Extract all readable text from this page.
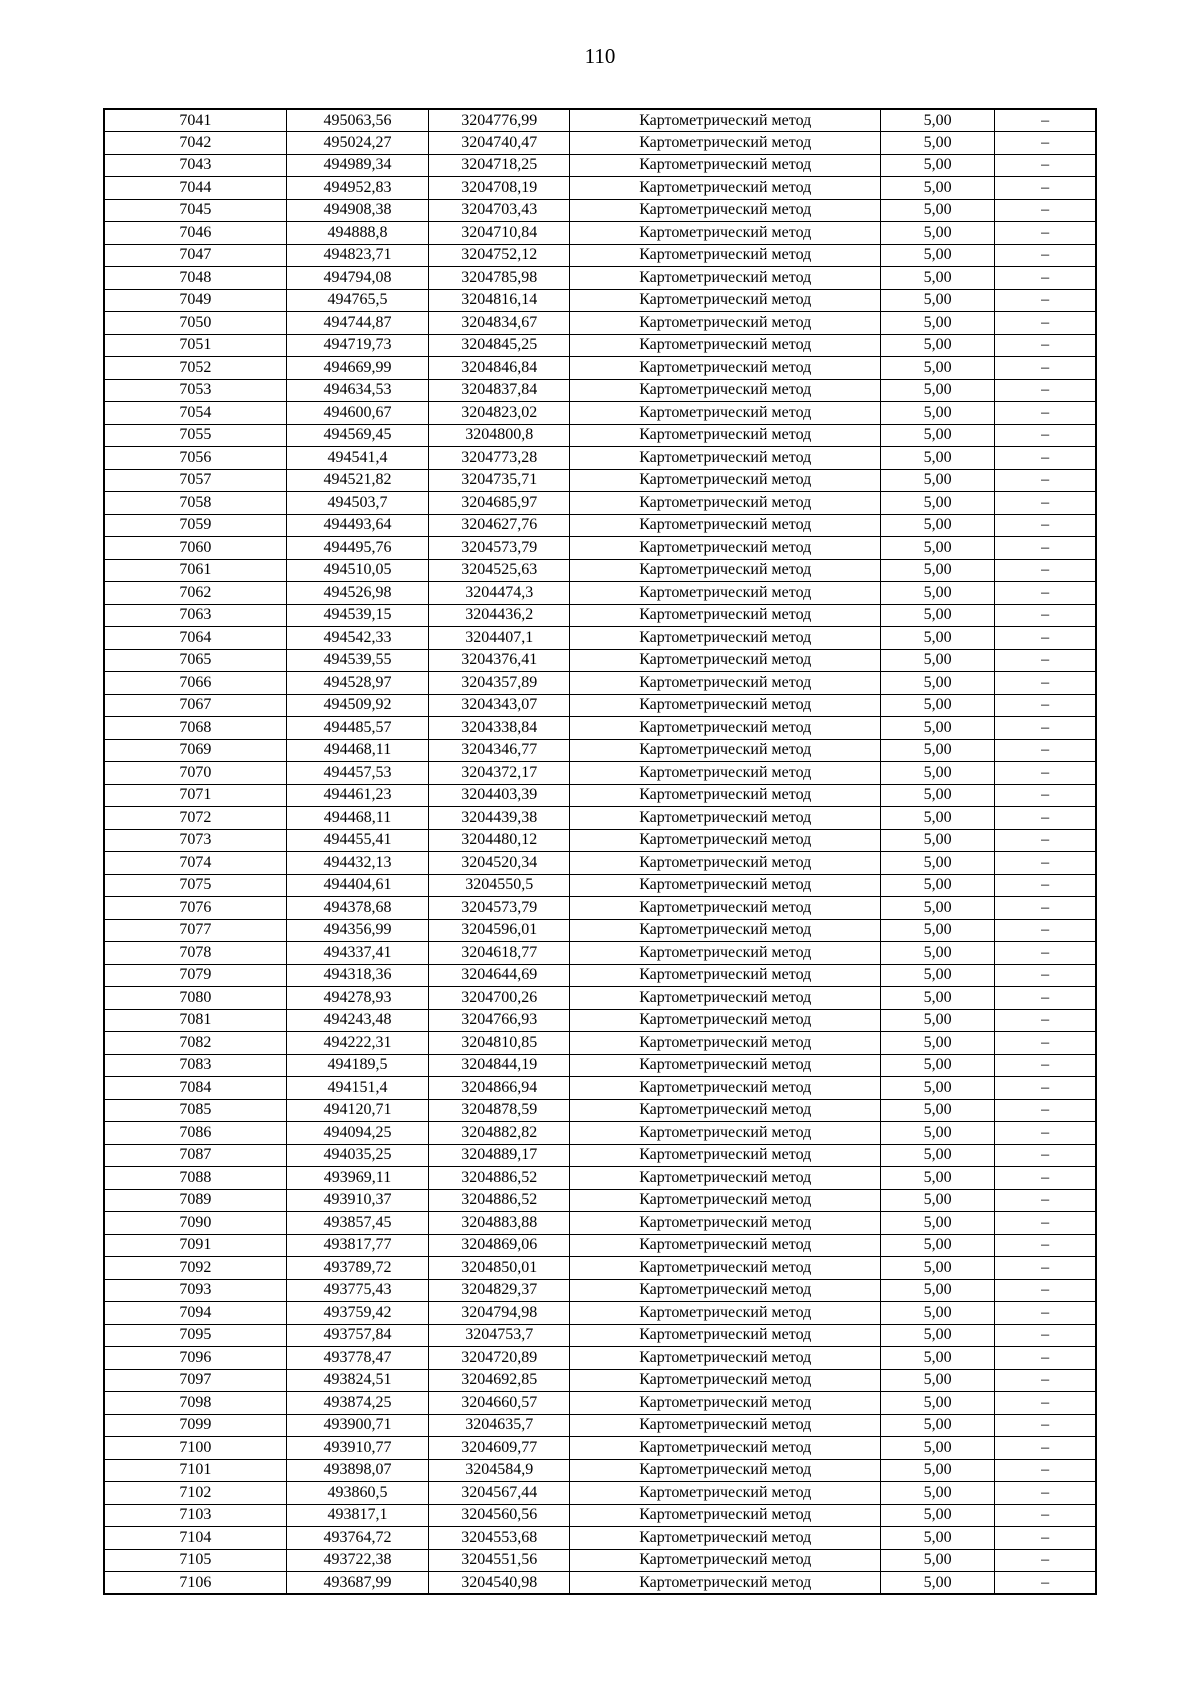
110
7041	495063,56	3204776,99	Картометрический метод	5,00	–
7042	495024,27	3204740,47	Картометрический метод	5,00	–
7043	494989,34	3204718,25	Картометрический метод	5,00	–
7044	494952,83	3204708,19	Картометрический метод	5,00	–
7045	494908,38	3204703,43	Картометрический метод	5,00	–
7046	494888,8	3204710,84	Картометрический метод	5,00	–
7047	494823,71	3204752,12	Картометрический метод	5,00	–
7048	494794,08	3204785,98	Картометрический метод	5,00	–
7049	494765,5	3204816,14	Картометрический метод	5,00	–
7050	494744,87	3204834,67	Картометрический метод	5,00	–
7051	494719,73	3204845,25	Картометрический метод	5,00	–
7052	494669,99	3204846,84	Картометрический метод	5,00	–
7053	494634,53	3204837,84	Картометрический метод	5,00	–
7054	494600,67	3204823,02	Картометрический метод	5,00	–
7055	494569,45	3204800,8	Картометрический метод	5,00	–
7056	494541,4	3204773,28	Картометрический метод	5,00	–
7057	494521,82	3204735,71	Картометрический метод	5,00	–
7058	494503,7	3204685,97	Картометрический метод	5,00	–
7059	494493,64	3204627,76	Картометрический метод	5,00	–
7060	494495,76	3204573,79	Картометрический метод	5,00	–
7061	494510,05	3204525,63	Картометрический метод	5,00	–
7062	494526,98	3204474,3	Картометрический метод	5,00	–
7063	494539,15	3204436,2	Картометрический метод	5,00	–
7064	494542,33	3204407,1	Картометрический метод	5,00	–
7065	494539,55	3204376,41	Картометрический метод	5,00	–
7066	494528,97	3204357,89	Картометрический метод	5,00	–
7067	494509,92	3204343,07	Картометрический метод	5,00	–
7068	494485,57	3204338,84	Картометрический метод	5,00	–
7069	494468,11	3204346,77	Картометрический метод	5,00	–
7070	494457,53	3204372,17	Картометрический метод	5,00	–
7071	494461,23	3204403,39	Картометрический метод	5,00	–
7072	494468,11	3204439,38	Картометрический метод	5,00	–
7073	494455,41	3204480,12	Картометрический метод	5,00	–
7074	494432,13	3204520,34	Картометрический метод	5,00	–
7075	494404,61	3204550,5	Картометрический метод	5,00	–
7076	494378,68	3204573,79	Картометрический метод	5,00	–
7077	494356,99	3204596,01	Картометрический метод	5,00	–
7078	494337,41	3204618,77	Картометрический метод	5,00	–
7079	494318,36	3204644,69	Картометрический метод	5,00	–
7080	494278,93	3204700,26	Картометрический метод	5,00	–
7081	494243,48	3204766,93	Картометрический метод	5,00	–
7082	494222,31	3204810,85	Картометрический метод	5,00	–
7083	494189,5	3204844,19	Картометрический метод	5,00	–
7084	494151,4	3204866,94	Картометрический метод	5,00	–
7085	494120,71	3204878,59	Картометрический метод	5,00	–
7086	494094,25	3204882,82	Картометрический метод	5,00	–
7087	494035,25	3204889,17	Картометрический метод	5,00	–
7088	493969,11	3204886,52	Картометрический метод	5,00	–
7089	493910,37	3204886,52	Картометрический метод	5,00	–
7090	493857,45	3204883,88	Картометрический метод	5,00	–
7091	493817,77	3204869,06	Картометрический метод	5,00	–
7092	493789,72	3204850,01	Картометрический метод	5,00	–
7093	493775,43	3204829,37	Картометрический метод	5,00	–
7094	493759,42	3204794,98	Картометрический метод	5,00	–
7095	493757,84	3204753,7	Картометрический метод	5,00	–
7096	493778,47	3204720,89	Картометрический метод	5,00	–
7097	493824,51	3204692,85	Картометрический метод	5,00	–
7098	493874,25	3204660,57	Картометрический метод	5,00	–
7099	493900,71	3204635,7	Картометрический метод	5,00	–
7100	493910,77	3204609,77	Картометрический метод	5,00	–
7101	493898,07	3204584,9	Картометрический метод	5,00	–
7102	493860,5	3204567,44	Картометрический метод	5,00	–
7103	493817,1	3204560,56	Картометрический метод	5,00	–
7104	493764,72	3204553,68	Картометрический метод	5,00	–
7105	493722,38	3204551,56	Картометрический метод	5,00	–
7106	493687,99	3204540,98	Картометрический метод	5,00	–
